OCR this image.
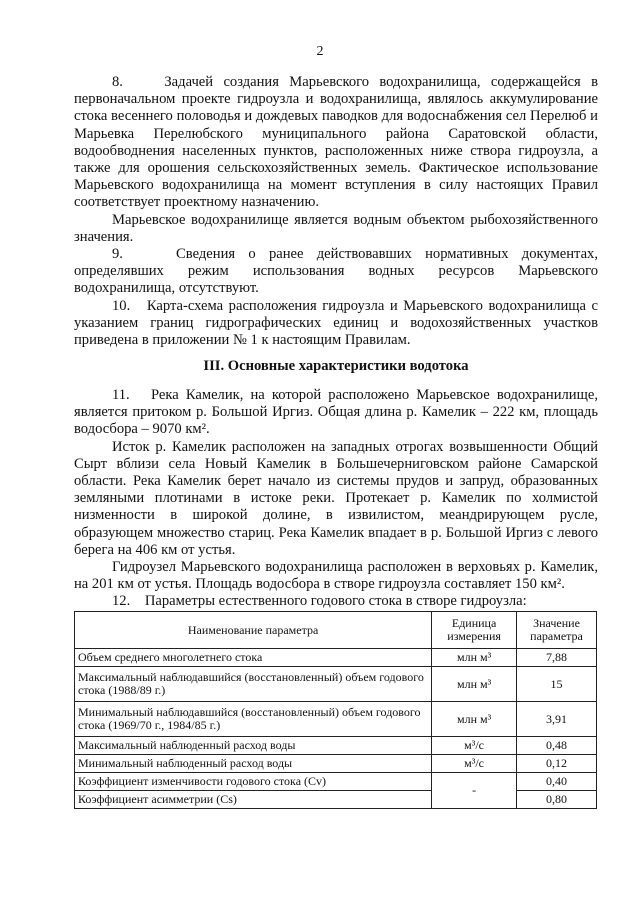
2

8.    Задачей создания Марьевского водохранилища, содержащейся в первоначальном проекте гидроузла и водохранилища, являлось аккумулирование стока весеннего половодья и дождевых паводков для водоснабжения сел Перелюб и Марьевка Перелюбского муниципального района Саратовской области, водообводнения населенных пунктов, расположенных ниже створа гидроузла, а также для орошения сельскохозяйственных земель. Фактическое использование Марьевского водохранилища на момент вступления в силу настоящих Правил соответствует проектному назначению.

Марьевское водохранилище является водным объектом рыбохозяйственного значения.

9.    Сведения о ранее действовавших нормативных документах, определявших режим использования водных ресурсов Марьевского водохранилища, отсутствуют.

10.   Карта-схема расположения гидроузла и Марьевского водохранилища с указанием границ гидрографических единиц и водохозяйственных участков приведена в приложении № 1 к настоящим Правилам.

III. Основные характеристики водотока

11.   Река Камелик, на которой расположено Марьевское водохранилище, является притоком р. Большой Иргиз. Общая длина р. Камелик – 222 км, площадь водосбора – 9070 км².

Исток р. Камелик расположен на западных отрогах возвышенности Общий Сырт вблизи села Новый Камелик в Большечерниговском районе Самарской области. Река Камелик берет начало из системы прудов и запруд, образованных земляными плотинами в истоке реки. Протекает р. Камелик по холмистой низменности в широкой долине, в извилистом, меандрирующем русле, образующем множество стариц. Река Камелик впадает в р. Большой Иргиз с левого берега на 406 км от устья.

Гидроузел Марьевского водохранилища расположен в верховьях р. Камелик, на 201 км от устья. Площадь водосбора в створе гидроузла составляет 150 км².

12.    Параметры естественного годового стока в створе гидроузла:

Наименование параметра	Единица измерения	Значение параметра
Объем среднего многолетнего стока	млн м³	7,88
Максимальный наблюдавшийся (восстановленный) объем годового стока (1988/89 г.)	млн м³	15
Минимальный наблюдавшийся (восстановленный) объем годового стока (1969/70 г., 1984/85 г.)	млн м³	3,91
Максимальный наблюденный расход воды	м³/с	0,48
Минимальный наблюденный расход воды	м³/с	0,12
Коэффициент изменчивости годового стока (Cv)	-	0,40
Коэффициент асимметрии (Cs)		0,80
